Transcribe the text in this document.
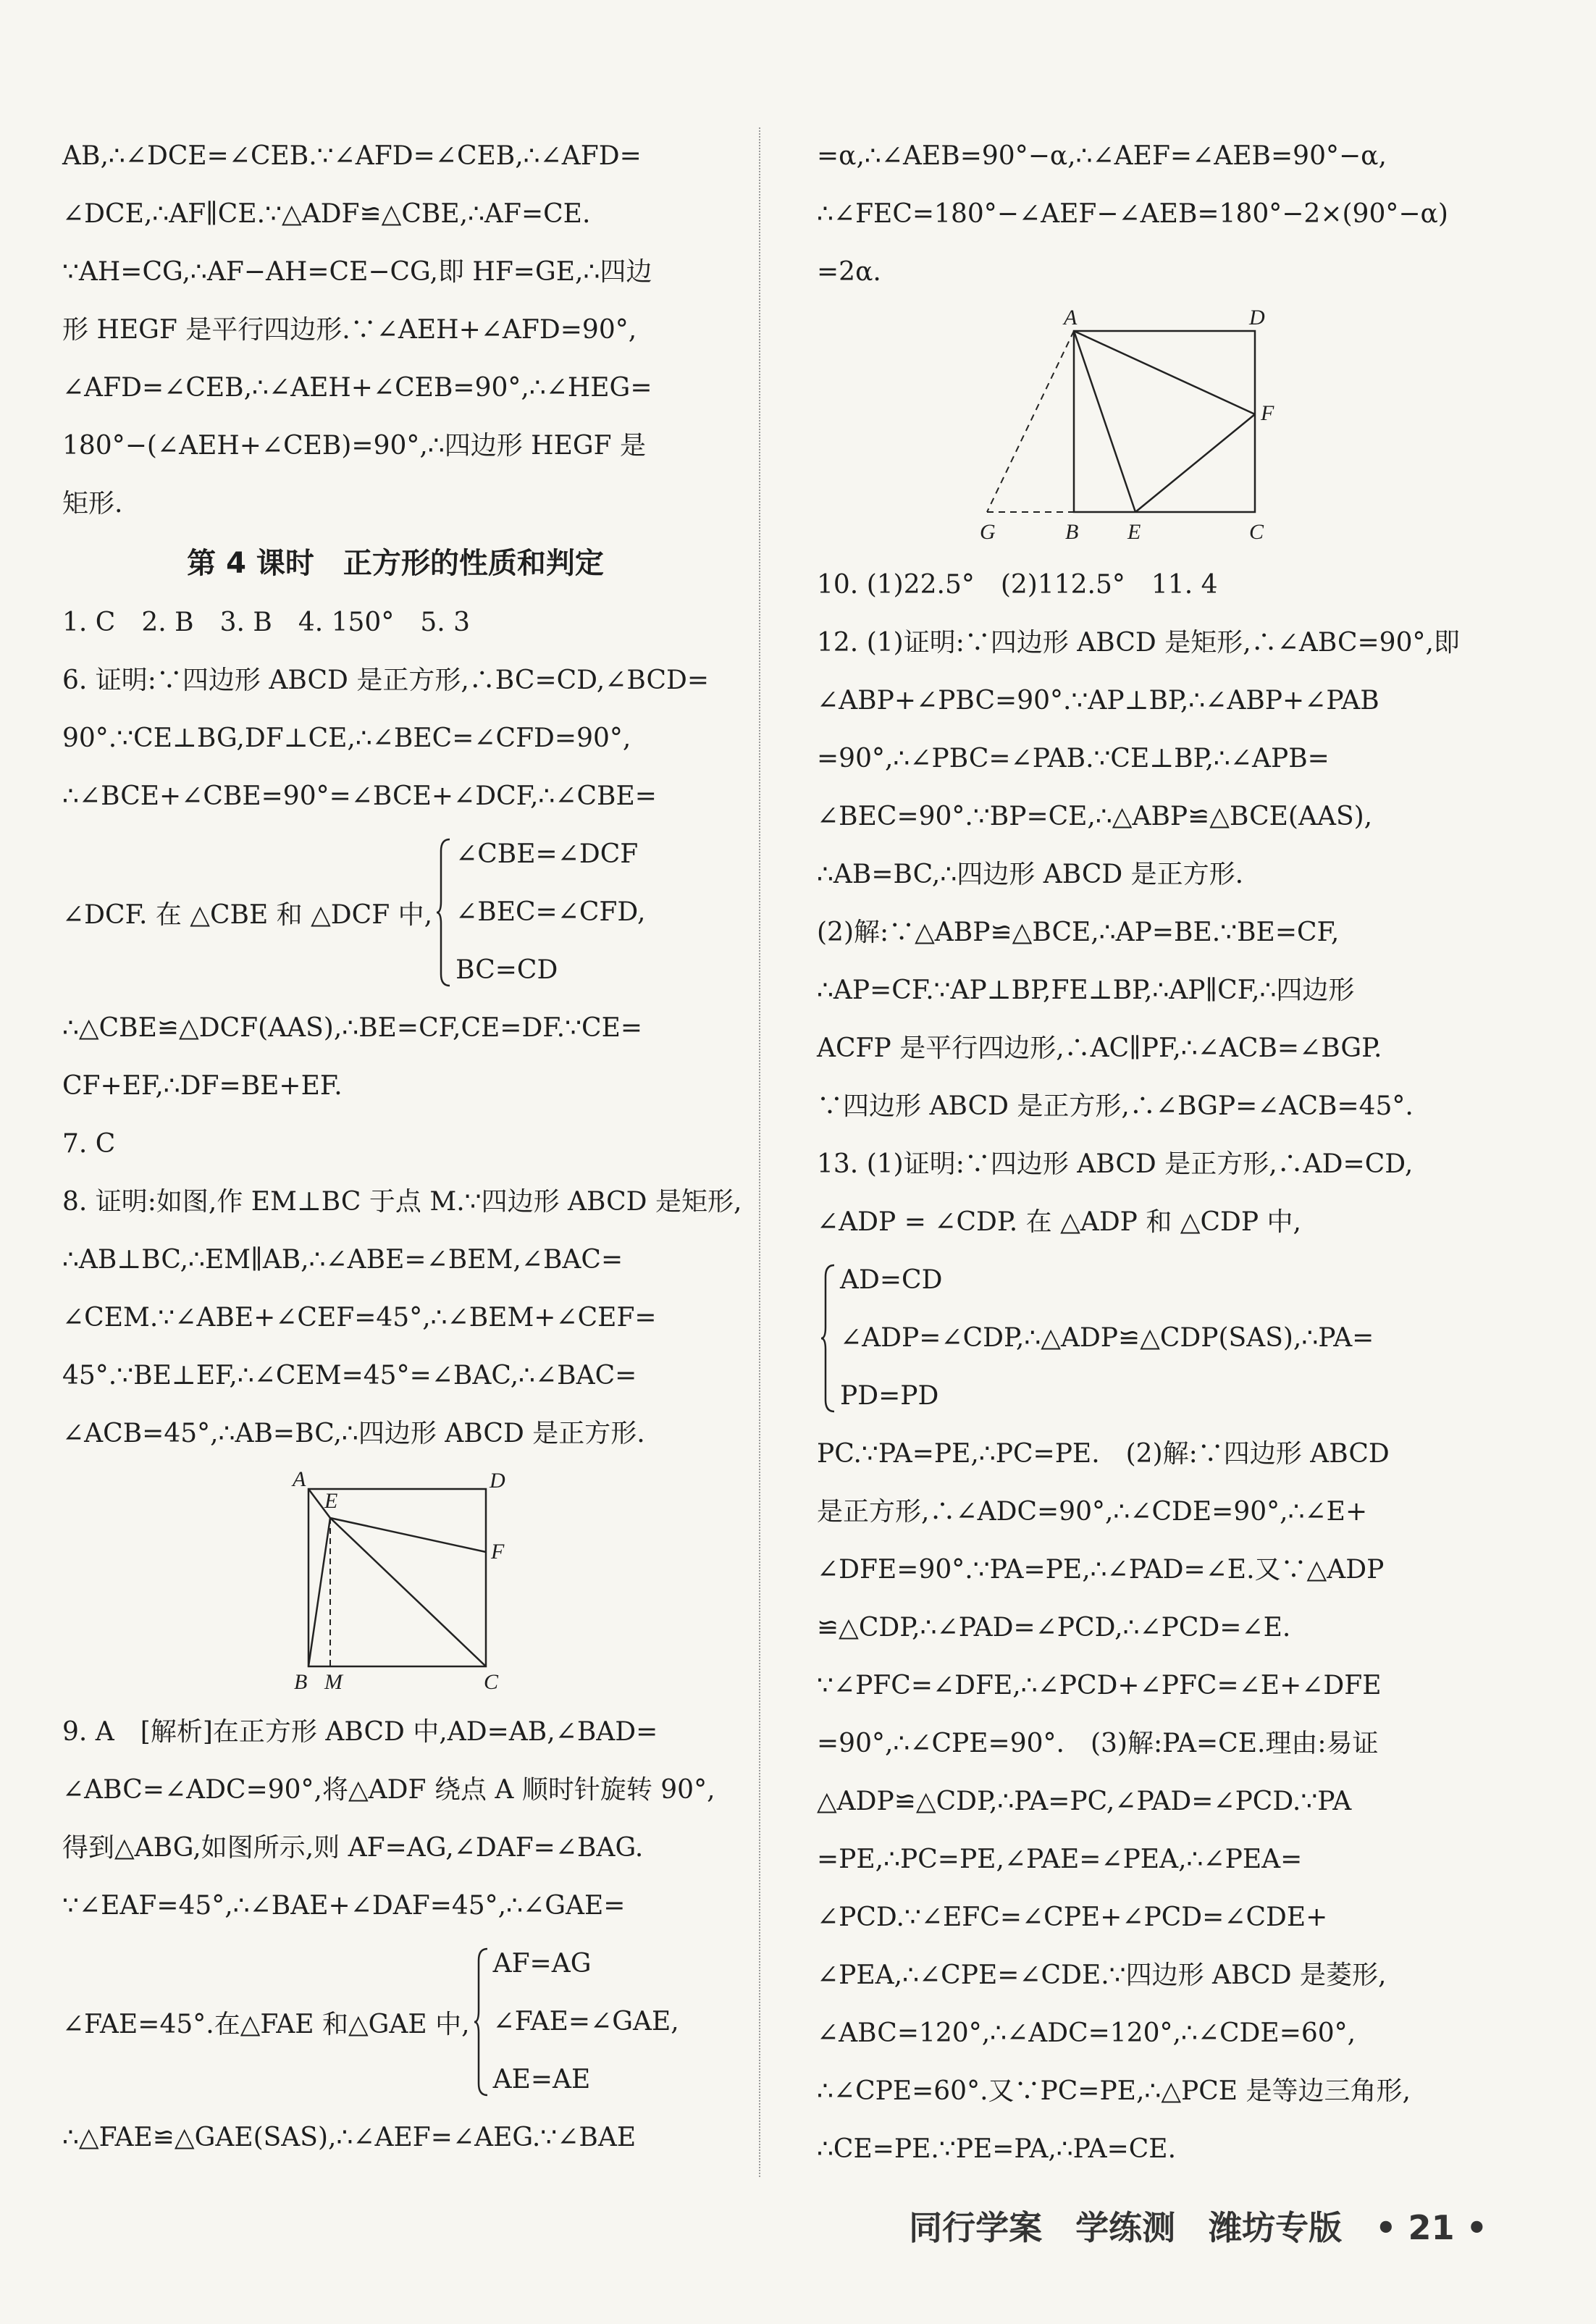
AB,∴∠DCE=∠CEB.∵∠AFD=∠CEB,∴∠AFD=
∠DCE,∴AF∥CE.∵△ADF≌△CBE,∴AF=CE.
∵AH=CG,∴AF−AH=CE−CG,即 HF=GE,∴四边
形 HEGF 是平行四边形.∵∠AEH+∠AFD=90°,
∠AFD=∠CEB,∴∠AEH+∠CEB=90°,∴∠HEG=
180°−(∠AEH+∠CEB)=90°,∴四边形 HEGF 是
矩形.
第 4 课时　正方形的性质和判定
1. C　2. B　3. B　4. 150°　5. 3
6. 证明:∵四边形 ABCD 是正方形,∴BC=CD,∠BCD=
90°.∵CE⊥BG,DF⊥CE,∴∠BEC=∠CFD=90°,
∴∠BCE+∠CBE=90°=∠BCE+∠DCF,∴∠CBE=
∠DCF. 在 △CBE 和 △DCF 中,
∠CBE=∠DCF
∠BEC=∠CFD,
BC=CD
∴△CBE≌△DCF(AAS),∴BE=CF,CE=DF.∵CE=
CF+EF,∴DF=BE+EF.
7. C
8. 证明:如图,作 EM⊥BC 于点 M.∵四边形 ABCD 是矩形,
∴AB⊥BC,∴EM∥AB,∴∠ABE=∠BEM,∠BAC=
∠CEM.∵∠ABE+∠CEF=45°,∴∠BEM+∠CEF=
45°.∵BE⊥EF,∴∠CEM=45°=∠BAC,∴∠BAC=
∠ACB=45°,∴AB=BC,∴四边形 ABCD 是正方形.
A	D
E
F
B M	C
9. A　[解析]在正方形 ABCD 中,AD=AB,∠BAD=
∠ABC=∠ADC=90°,将△ADF 绕点 A 顺时针旋转 90°,
得到△ABG,如图所示,则 AF=AG,∠DAF=∠BAG.
∵∠EAF=45°,∴∠BAE+∠DAF=45°,∴∠GAE=
∠FAE=45°.在△FAE 和△GAE 中,
AF=AG
∠FAE=∠GAE,
AE=AE
∴△FAE≌△GAE(SAS),∴∠AEF=∠AEG.∵∠BAE
=α,∴∠AEB=90°−α,∴∠AEF=∠AEB=90°−α,
∴∠FEC=180°−∠AEF−∠AEB=180°−2×(90°−α)
=2α.
A	D
F
G	B E	C
10. (1)22.5°　(2)112.5°　11. 4
12. (1)证明:∵四边形 ABCD 是矩形,∴∠ABC=90°,即
∠ABP+∠PBC=90°.∵AP⊥BP,∴∠ABP+∠PAB
=90°,∴∠PBC=∠PAB.∵CE⊥BP,∴∠APB=
∠BEC=90°.∵BP=CE,∴△ABP≌△BCE(AAS),
∴AB=BC,∴四边形 ABCD 是正方形.
(2)解:∵△ABP≌△BCE,∴AP=BE.∵BE=CF,
∴AP=CF.∵AP⊥BP,FE⊥BP,∴AP∥CF,∴四边形
ACFP 是平行四边形,∴AC∥PF,∴∠ACB=∠BGP.
∵四边形 ABCD 是正方形,∴∠BGP=∠ACB=45°.
13. (1)证明:∵四边形 ABCD 是正方形,∴AD=CD,
∠ADP = ∠CDP. 在 △ADP 和 △CDP 中,
AD=CD
∠ADP=∠CDP,∴△ADP≌△CDP(SAS),∴PA=
PD=PD
PC.∵PA=PE,∴PC=PE.　(2)解:∵四边形 ABCD
是正方形,∴∠ADC=90°,∴∠CDE=90°,∴∠E+
∠DFE=90°.∵PA=PE,∴∠PAD=∠E.又∵△ADP
≌△CDP,∴∠PAD=∠PCD,∴∠PCD=∠E.
∵∠PFC=∠DFE,∴∠PCD+∠PFC=∠E+∠DFE
=90°,∴∠CPE=90°.　(3)解:PA=CE.理由:易证
△ADP≌△CDP,∴PA=PC,∠PAD=∠PCD.∵PA
=PE,∴PC=PE,∠PAE=∠PEA,∴∠PEA=
∠PCD.∵∠EFC=∠CPE+∠PCD=∠CDE+
∠PEA,∴∠CPE=∠CDE.∵四边形 ABCD 是菱形,
∠ABC=120°,∴∠ADC=120°,∴∠CDE=60°,
∴∠CPE=60°.又∵PC=PE,∴△PCE 是等边三角形,
∴CE=PE.∵PE=PA,∴PA=CE.
同行学案 学练测 潍坊专版 • 21 •
